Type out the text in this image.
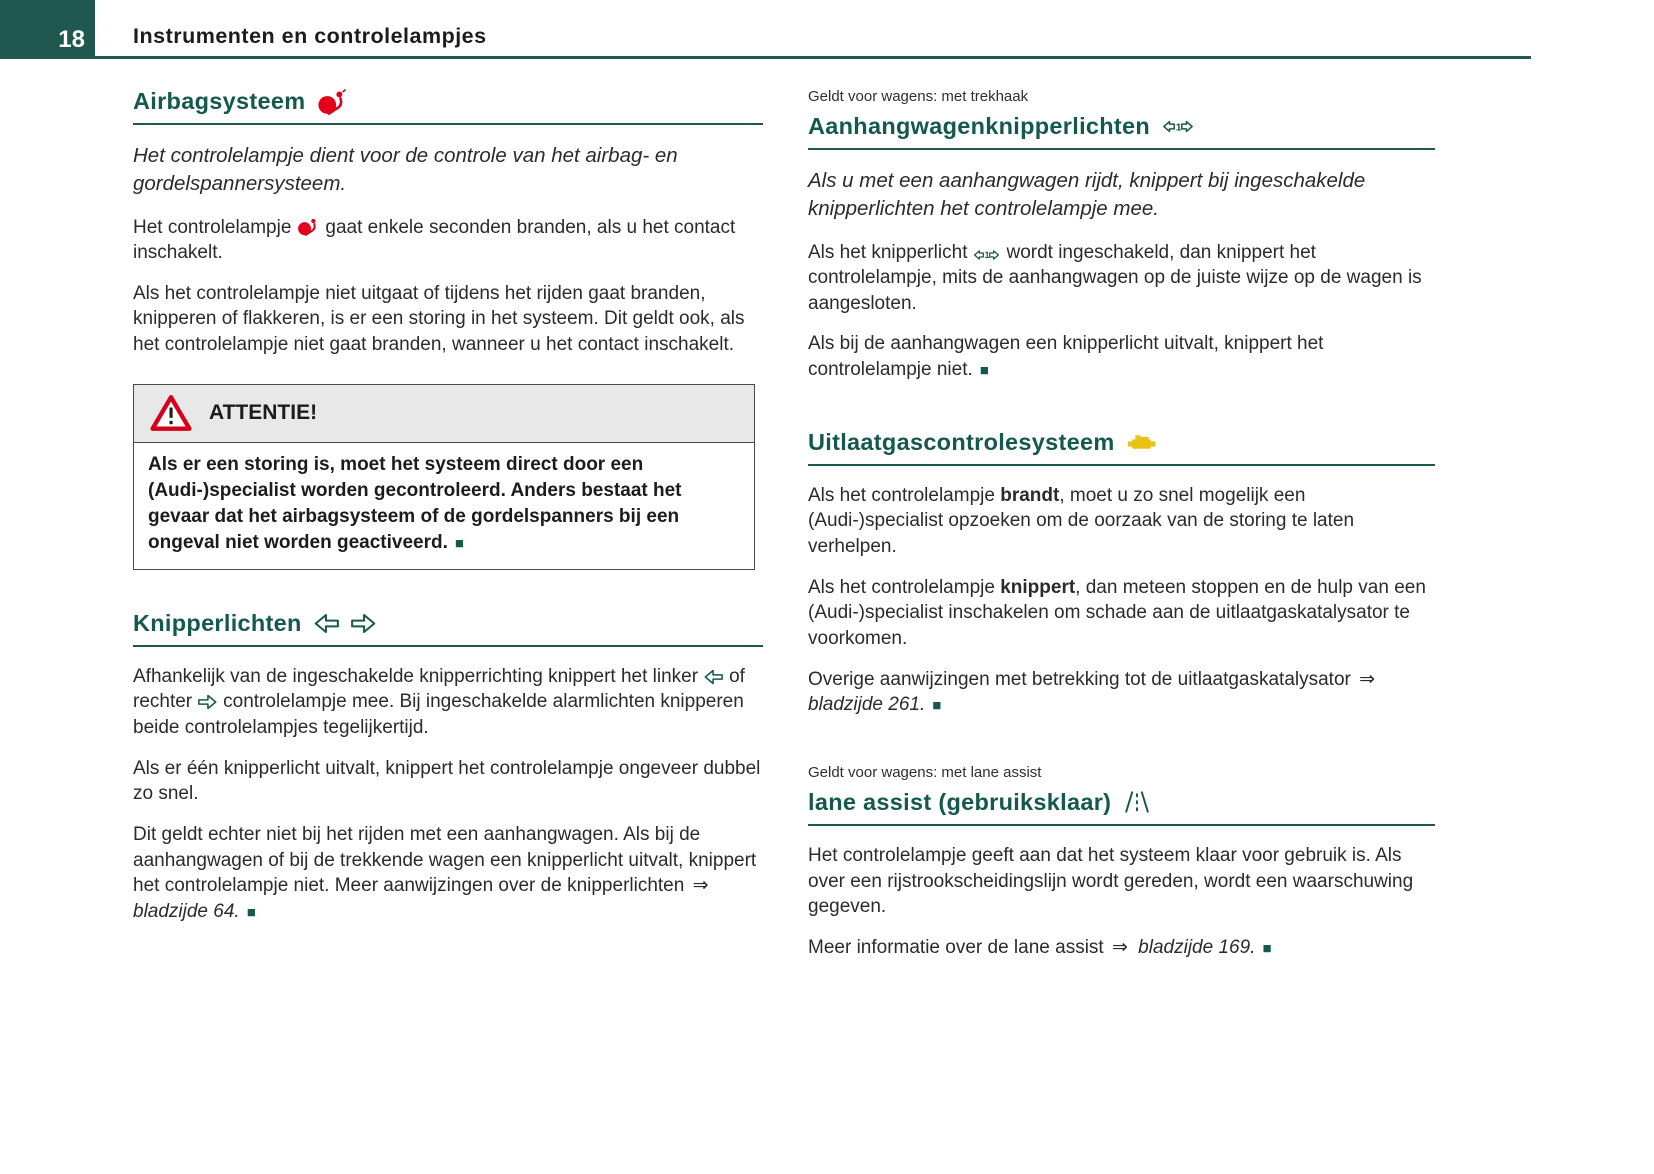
18 Instrumenten en controlelampjes
Airbagsysteem

Het controlelampje dient voor de controle van het airbag- en gordelspannersysteem.

Het controlelampje gaat enkele seconden branden, als u het contact inschakelt.

Als het controlelampje niet uitgaat of tijdens het rijden gaat branden, knipperen of flakkeren, is er een storing in het systeem. Dit geldt ook, als het controlelampje niet gaat branden, wanneer u het contact inschakelt.

ATTENTIE!
Als er een storing is, moet het systeem direct door een (Audi-)specialist worden gecontroleerd. Anders bestaat het gevaar dat het airbagsysteem of de gordelspanners bij een ongeval niet worden geactiveerd. ■
Knipperlichten

Afhankelijk van de ingeschakelde knipperrichting knippert het linker of rechter controlelampje mee. Bij ingeschakelde alarmlichten knipperen beide controlelampjes tegelijkertijd.

Als er één knipperlicht uitvalt, knippert het controlelampje ongeveer dubbel zo snel.

Dit geldt echter niet bij het rijden met een aanhangwagen. Als bij de aanhangwagen of bij de trekkende wagen een knipperlicht uitvalt, knippert het controlelampje niet. Meer aanwijzingen over de knipperlichten ⇒ bladzijde 64. ■

Geldt voor wagens: met trekhaak
Aanhangwagenknipperlichten 1

Als u met een aanhangwagen rijdt, knippert bij ingeschakelde knipperlichten het controlelampje mee.

Als het knipperlicht 1 wordt ingeschakeld, dan knippert het controlelampje, mits de aanhangwagen op de juiste wijze op de wagen is aangesloten.

Als bij de aanhangwagen een knipperlicht uitvalt, knippert het controlelampje niet. ■

Uitlaatgascontrolesysteem

Als het controlelampje brandt, moet u zo snel mogelijk een (Audi-)specialist opzoeken om de oorzaak van de storing te laten verhelpen.

Als het controlelampje knippert, dan meteen stoppen en de hulp van een (Audi-)specialist inschakelen om schade aan de uitlaatgaskatalysator te voorkomen.

Overige aanwijzingen met betrekking tot de uitlaatgaskatalysator ⇒ bladzijde 261. ■

Geldt voor wagens: met lane assist
lane assist (gebruiksklaar)

Het controlelampje geeft aan dat het systeem klaar voor gebruik is. Als over een rijstrookscheidingslijn wordt gereden, wordt een waarschuwing gegeven.

Meer informatie over de lane assist ⇒ bladzijde 169. ■
